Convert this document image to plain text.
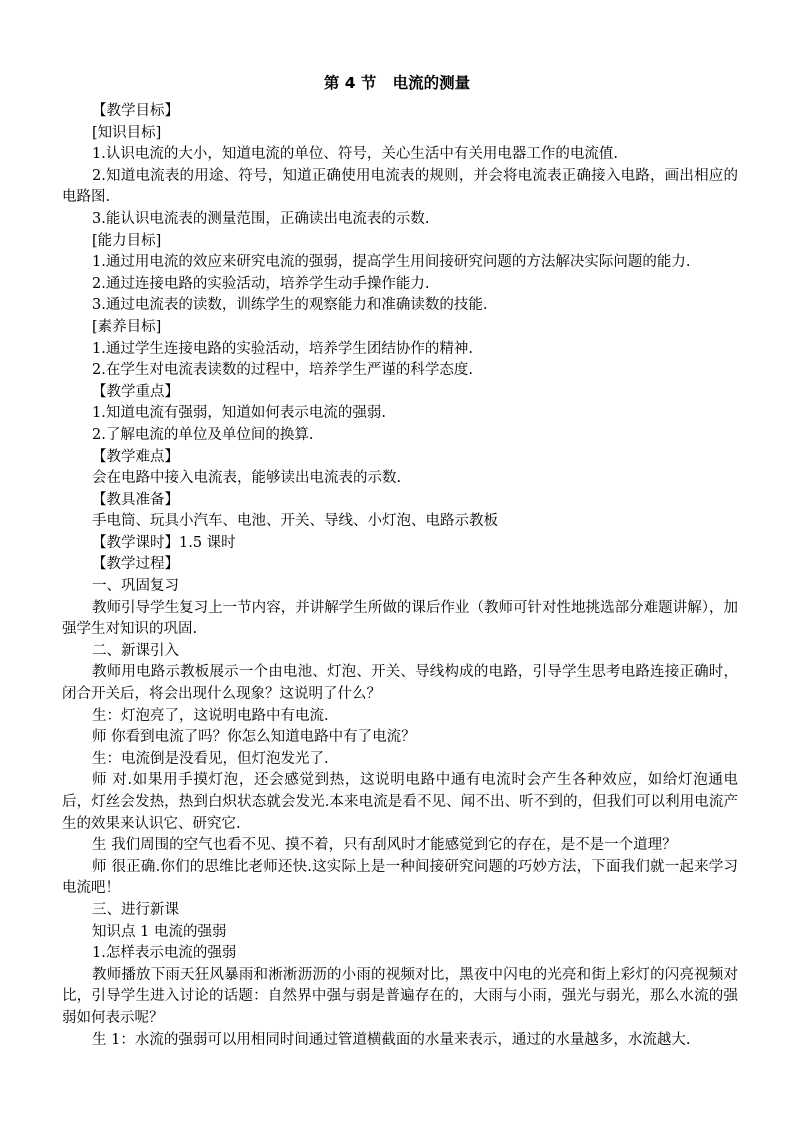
第 4 节   电流的测量

【教学目标】

[知识目标]

1.认识电流的大小，知道电流的单位、符号，关心生活中有关用电器工作的电流值.

2.知道电流表的用途、符号，知道正确使用电流表的规则，并会将电流表正确接入电路，画出相应的电路图.

3.能认识电流表的测量范围，正确读出电流表的示数.

[能力目标]

1.通过用电流的效应来研究电流的强弱，提高学生用间接研究问题的方法解决实际问题的能力.

2.通过连接电路的实验活动，培养学生动手操作能力.

3.通过电流表的读数，训练学生的观察能力和准确读数的技能.

[素养目标]

1.通过学生连接电路的实验活动，培养学生团结协作的精神.

2.在学生对电流表读数的过程中，培养学生严谨的科学态度.

【教学重点】

1.知道电流有强弱，知道如何表示电流的强弱.

2.了解电流的单位及单位间的换算.

【教学难点】

会在电路中接入电流表，能够读出电流表的示数.

【教具准备】

手电筒、玩具小汽车、电池、开关、导线、小灯泡、电路示教板

【教学课时】1.5 课时

【教学过程】

一、巩固复习

教师引导学生复习上一节内容，并讲解学生所做的课后作业（教师可针对性地挑选部分难题讲解），加强学生对知识的巩固.

二、新课引入

教师用电路示教板展示一个由电池、灯泡、开关、导线构成的电路，引导学生思考电路连接正确时，闭合开关后，将会出现什么现象？这说明了什么？

生：灯泡亮了，这说明电路中有电流.

师 你看到电流了吗？你怎么知道电路中有了电流？

生：电流倒是没看见，但灯泡发光了.

师 对.如果用手摸灯泡，还会感觉到热，这说明电路中通有电流时会产生各种效应，如给灯泡通电后，灯丝会发热，热到白炽状态就会发光.本来电流是看不见、闻不出、听不到的，但我们可以利用电流产生的效果来认识它、研究它.

生 我们周围的空气也看不见、摸不着，只有刮风时才能感觉到它的存在，是不是一个道理？

师 很正确.你们的思维比老师还快.这实际上是一种间接研究问题的巧妙方法，下面我们就一起来学习电流吧！

三、进行新课

知识点 1 电流的强弱

1.怎样表示电流的强弱

教师播放下雨天狂风暴雨和淅淅沥沥的小雨的视频对比，黑夜中闪电的光亮和街上彩灯的闪亮视频对比，引导学生进入讨论的话题：自然界中强与弱是普遍存在的，大雨与小雨，强光与弱光，那么水流的强弱如何表示呢？

生 1：水流的强弱可以用相同时间通过管道横截面的水量来表示，通过的水量越多，水流越大.
